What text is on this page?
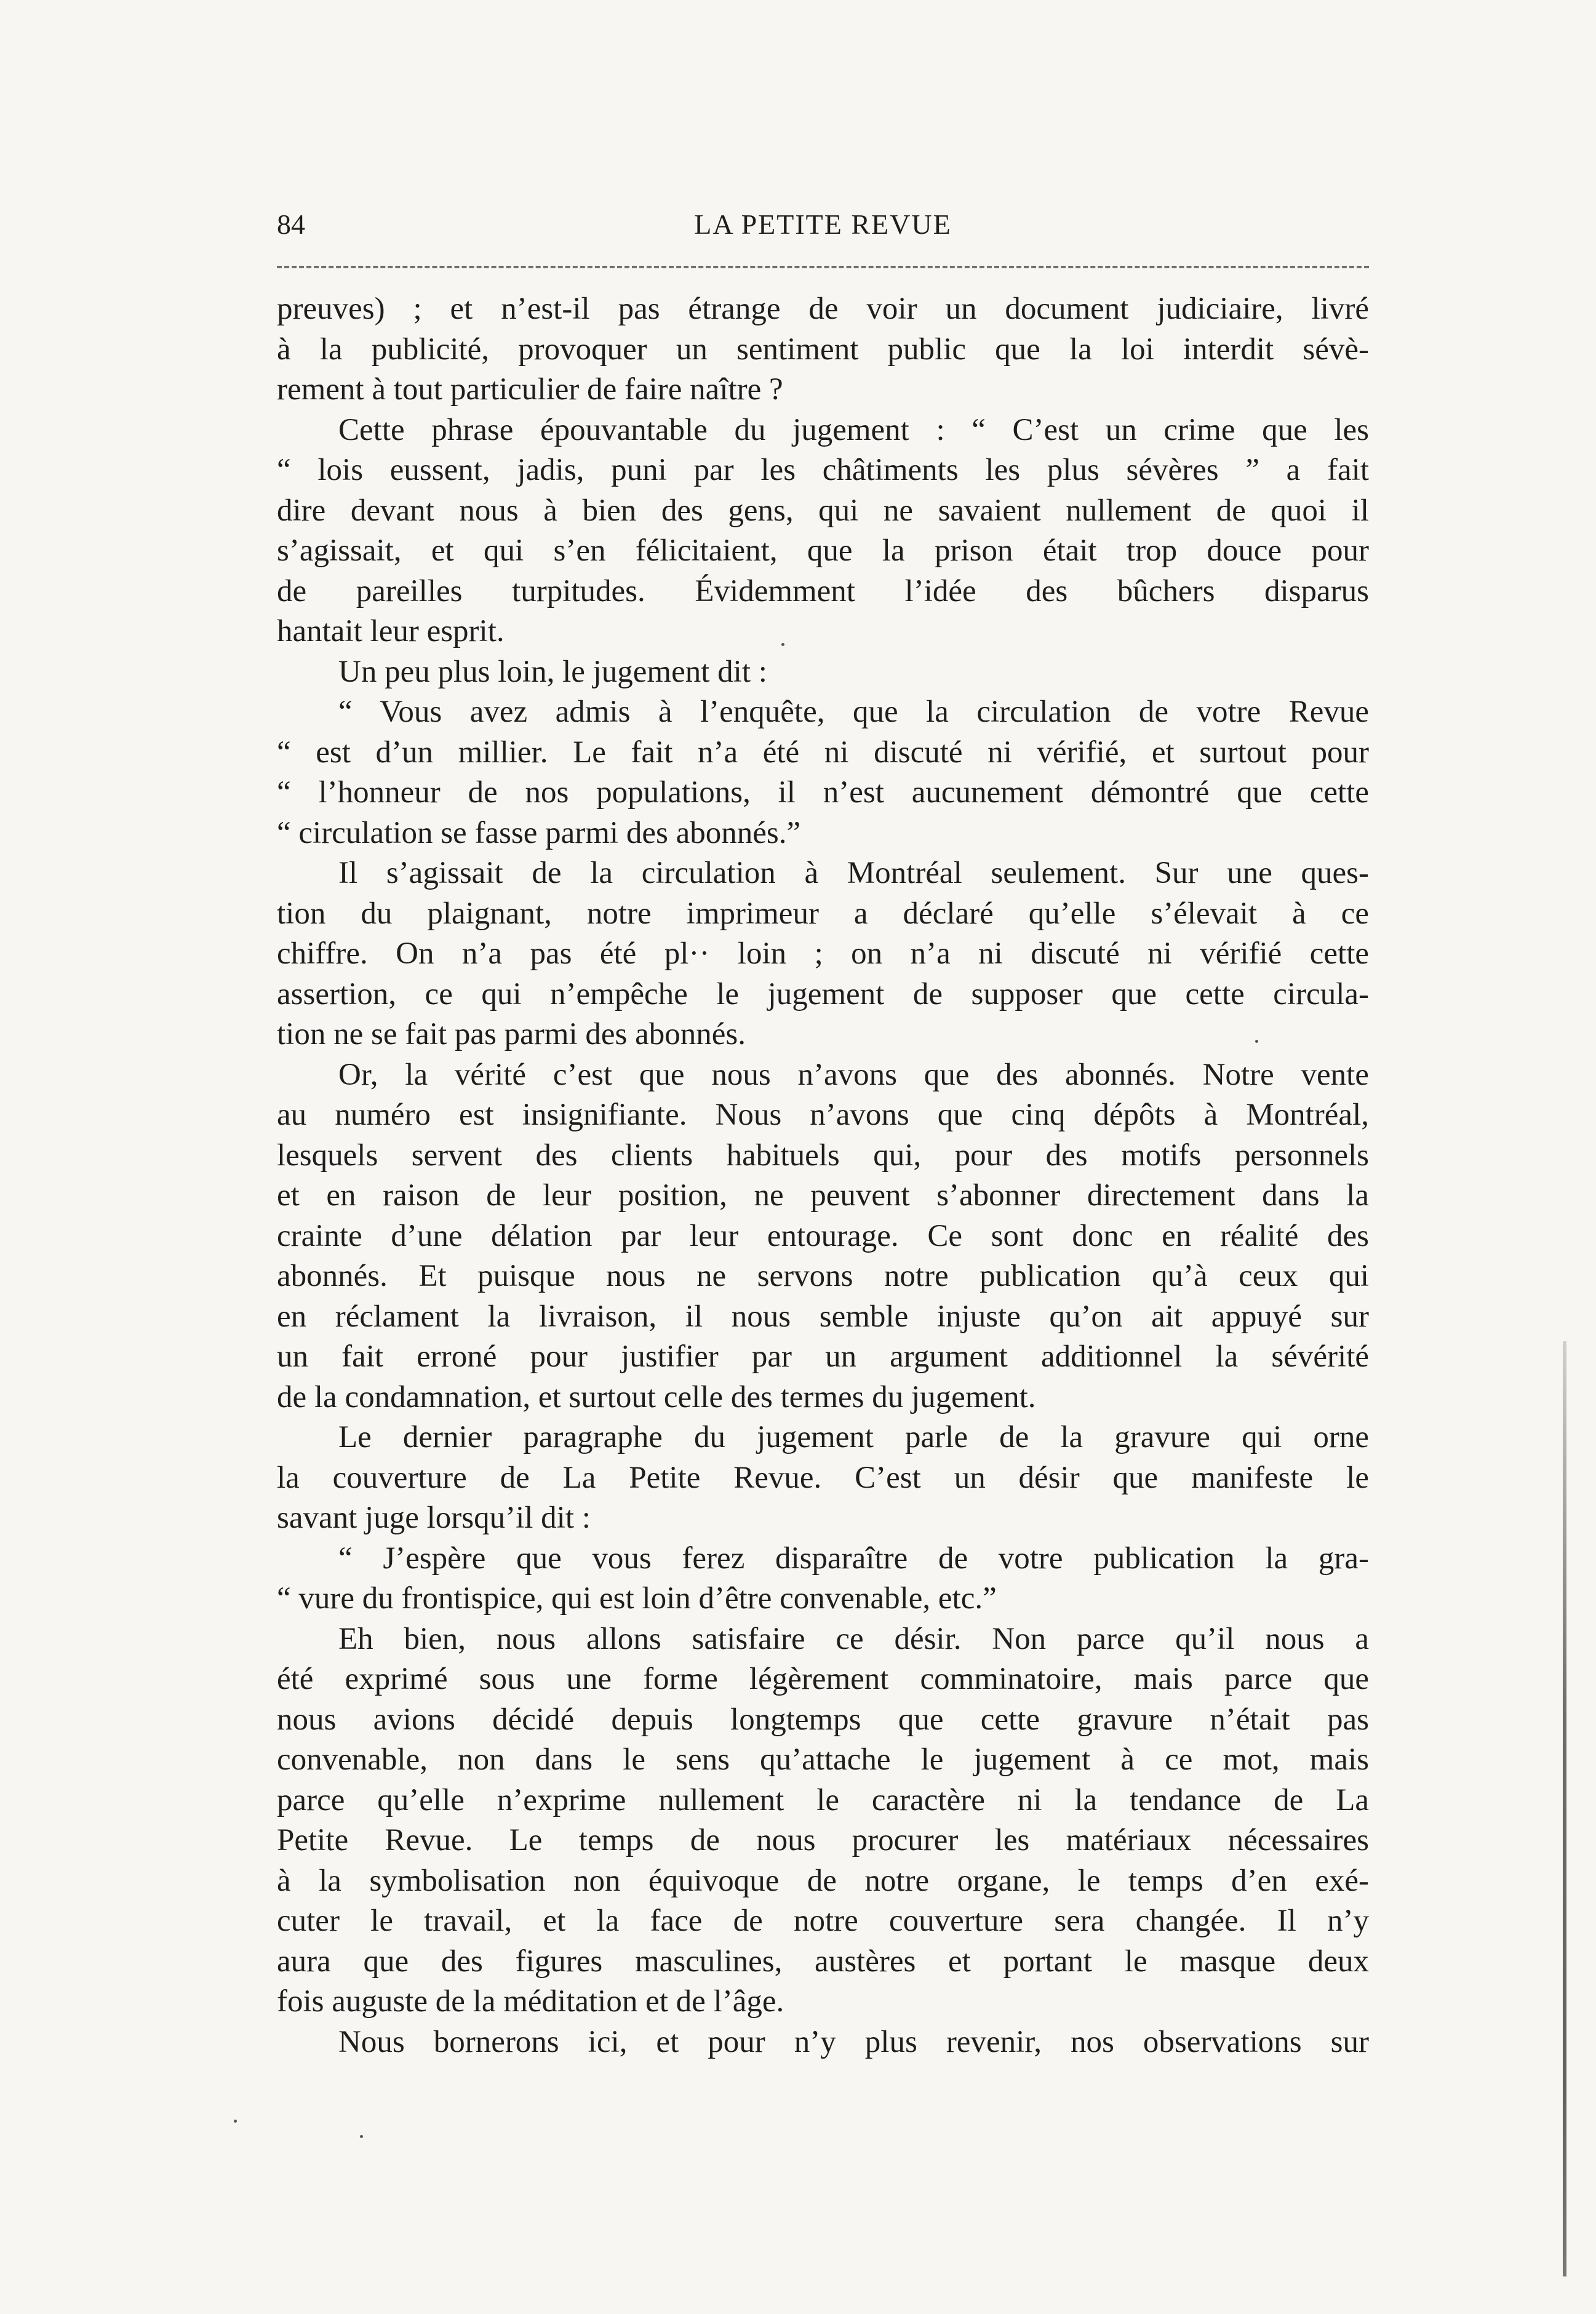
84	LA PETITE REVUE
preuves) ; et n’est-il pas étrange de voir un document judiciaire, livré
à la publicité, provoquer un sentiment public que la loi interdit sévè-
rement à tout particulier de faire naître ?
Cette phrase épouvantable du jugement : “ C’est un crime que les
“ lois eussent, jadis, puni par les châtiments les plus sévères ” a fait
dire devant nous à bien des gens, qui ne savaient nullement de quoi il
s’agissait, et qui s’en félicitaient, que la prison était trop douce pour
de pareilles turpitudes. Évidemment l’idée des bûchers disparus
hantait leur esprit.
Un peu plus loin, le jugement dit :
“ Vous avez admis à l’enquête, que la circulation de votre Revue
“ est d’un millier. Le fait n’a été ni discuté ni vérifié, et surtout pour
“ l’honneur de nos populations, il n’est aucunement démontré que cette
“ circulation se fasse parmi des abonnés.”
Il s’agissait de la circulation à Montréal seulement. Sur une ques-
tion du plaignant, notre imprimeur a déclaré qu’elle s’élevait à ce
chiffre. On n’a pas été pl·· loin ; on n’a ni discuté ni vérifié cette
assertion, ce qui n’empêche le jugement de supposer que cette circula-
tion ne se fait pas parmi des abonnés.
Or, la vérité c’est que nous n’avons que des abonnés. Notre vente
au numéro est insignifiante. Nous n’avons que cinq dépôts à Montréal,
lesquels servent des clients habituels qui, pour des motifs personnels
et en raison de leur position, ne peuvent s’abonner directement dans la
crainte d’une délation par leur entourage. Ce sont donc en réalité des
abonnés. Et puisque nous ne servons notre publication qu’à ceux qui
en réclament la livraison, il nous semble injuste qu’on ait appuyé sur
un fait erroné pour justifier par un argument additionnel la sévérité
de la condamnation, et surtout celle des termes du jugement.
Le dernier paragraphe du jugement parle de la gravure qui orne
la couverture de La Petite Revue. C’est un désir que manifeste le
savant juge lorsqu’il dit :
“ J’espère que vous ferez disparaître de votre publication la gra-
“ vure du frontispice, qui est loin d’être convenable, etc.”
Eh bien, nous allons satisfaire ce désir. Non parce qu’il nous a
été exprimé sous une forme légèrement comminatoire, mais parce que
nous avions décidé depuis longtemps que cette gravure n’était pas
convenable, non dans le sens qu’attache le jugement à ce mot, mais
parce qu’elle n’exprime nullement le caractère ni la tendance de La
Petite Revue. Le temps de nous procurer les matériaux nécessaires
à la symbolisation non équivoque de notre organe, le temps d’en exé-
cuter le travail, et la face de notre couverture sera changée. Il n’y
aura que des figures masculines, austères et portant le masque deux
fois auguste de la méditation et de l’âge.
Nous bornerons ici, et pour n’y plus revenir, nos observations sur
